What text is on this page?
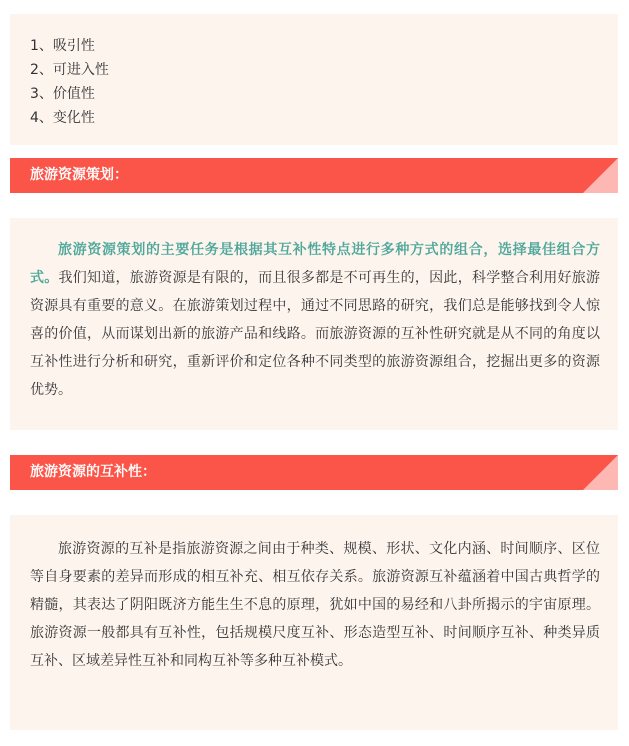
1、吸引性
2、可进入性
3、价值性
4、变化性
旅游资源策划：

旅游资源策划的主要任务是根据其互补性特点进行多种方式的组合，选择最佳组合方式。我们知道，旅游资源是有限的，而且很多都是不可再生的，因此，科学整合利用好旅游资源具有重要的意义。在旅游策划过程中，通过不同思路的研究，我们总是能够找到令人惊喜的价值，从而谋划出新的旅游产品和线路。而旅游资源的互补性研究就是从不同的角度以互补性进行分析和研究，重新评价和定位各种不同类型的旅游资源组合，挖掘出更多的资源优势。

旅游资源的互补性：

旅游资源的互补是指旅游资源之间由于种类、规模、形状、文化内涵、时间顺序、区位等自身要素的差异而形成的相互补充、相互依存关系。旅游资源互补蕴涵着中国古典哲学的精髓，其表达了阴阳既济方能生生不息的原理，犹如中国的易经和八卦所揭示的宇宙原理。旅游资源一般都具有互补性，包括规模尺度互补、形态造型互补、时间顺序互补、种类异质互补、区域差异性互补和同构互补等多种互补模式。
